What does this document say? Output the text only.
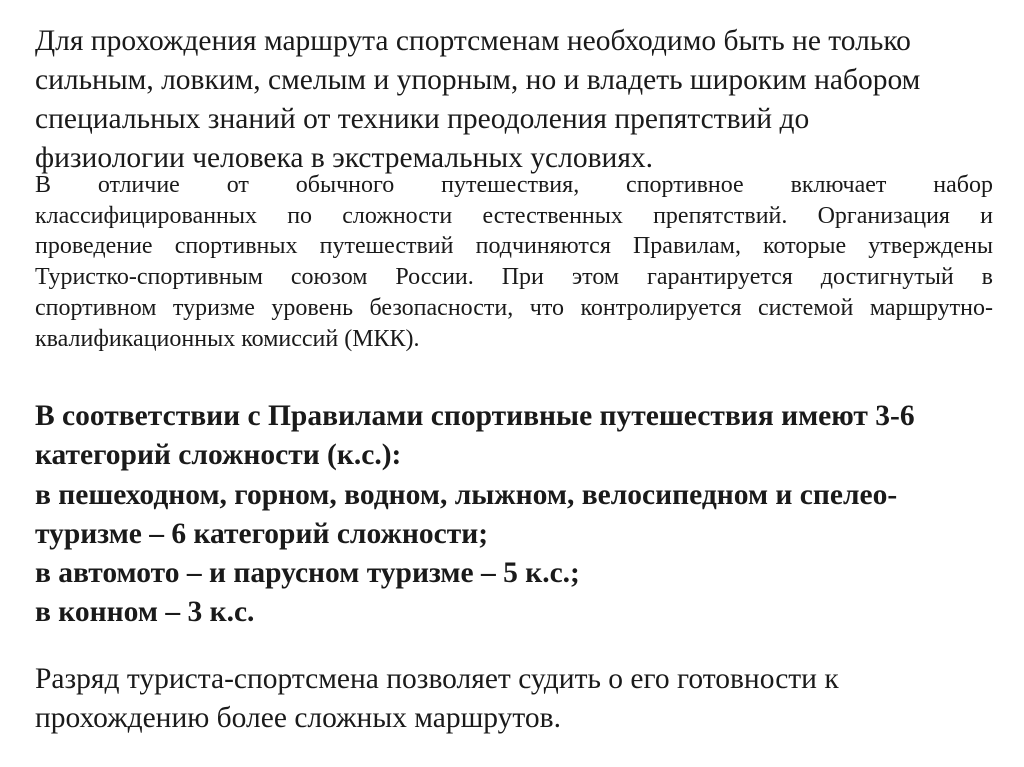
Для прохождения маршрута спортсменам необходимо быть не только
сильным, ловким, смелым и упорным, но и владеть широким набором
специальных знаний от техники преодоления препятствий до
физиологии человека в экстремальных условиях.

В отличие от обычного путешествия, спортивное включает набор
классифицированных по сложности естественных препятствий. Организация и
проведение спортивных путешествий подчиняются Правилам, которые утверждены
Туристко-спортивным союзом России. При этом гарантируется достигнутый в
спортивном туризме уровень безопасности, что контролируется системой маршрутно-
квалификационных комиссий (МКК).

В соответствии с Правилами спортивные путешествия имеют 3-6
категорий сложности (к.с.):
в пешеходном, горном, водном, лыжном, велосипедном и спелео-
туризме – 6 категорий сложности;
в автомото – и парусном туризме – 5 к.с.;
в конном – 3 к.с.

Разряд туриста-спортсмена позволяет судить о его готовности к
прохождению более сложных маршрутов.
